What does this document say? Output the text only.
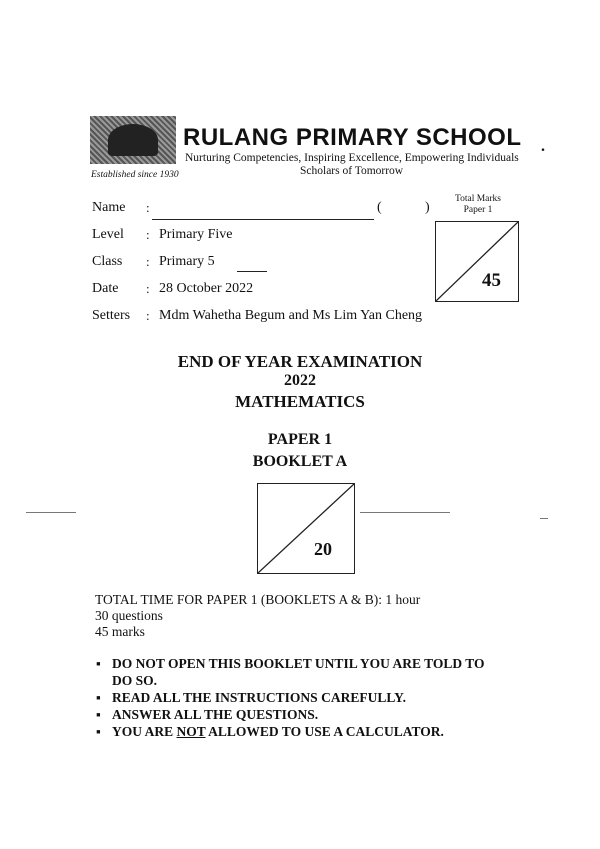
RULANG PRIMARY SCHOOL
Nurturing Competencies, Inspiring Excellence, Empowering Individuals
Scholars of Tomorrow
Established since 1930
.
Name :	(	)
Level : Primary Five
Class : Primary 5
Date : 28 October 2022
Setters : Mdm Wahetha Begum and Ms Lim Yan Cheng
Total Marks
Paper 1
45
END OF YEAR EXAMINATION
2022
MATHEMATICS
PAPER 1
BOOKLET A
20
TOTAL TIME FOR PAPER 1 (BOOKLETS A & B): 1 hour
30 questions
45 marks
▪ DO NOT OPEN THIS BOOKLET UNTIL YOU ARE TOLD TO
DO SO.
▪ READ ALL THE INSTRUCTIONS CAREFULLY.
▪ ANSWER ALL THE QUESTIONS.
▪ YOU ARE NOT ALLOWED TO USE A CALCULATOR.
